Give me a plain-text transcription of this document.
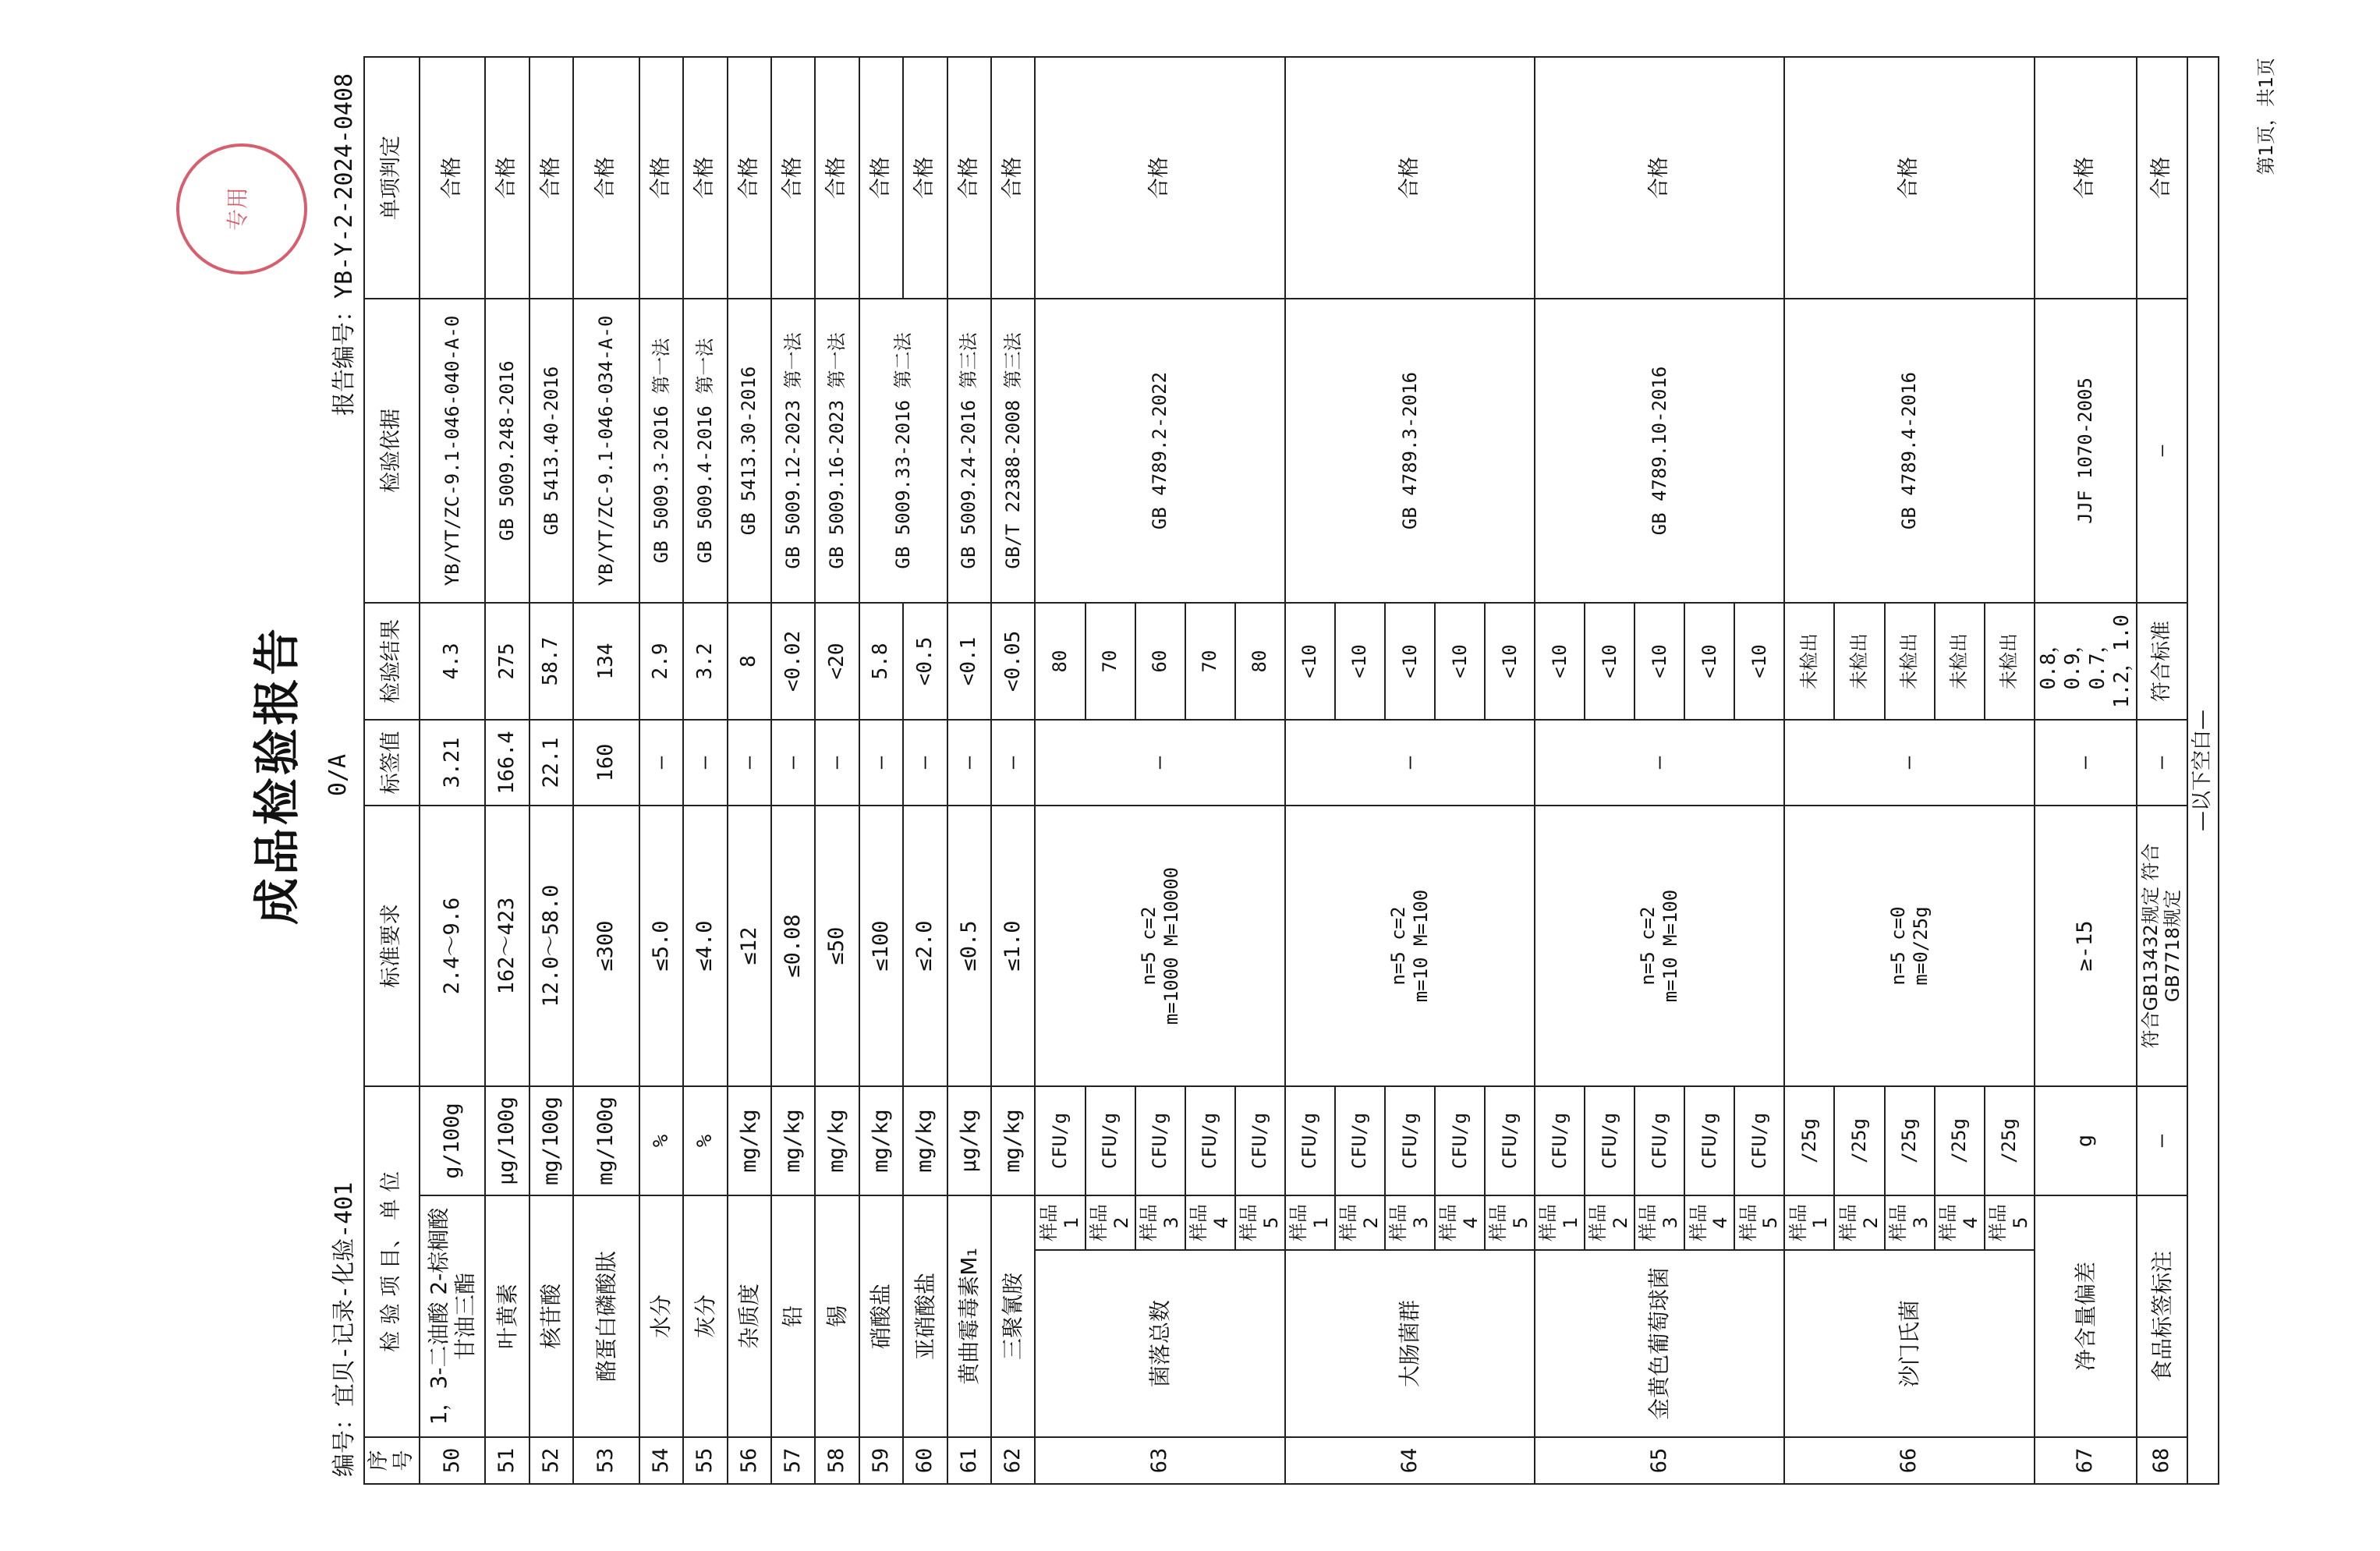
成品检验报告
专用
编号：宜贝-记录-化验-401
0/A
报告编号：YB-Y-2-2024-0408
序号	检 验 项 目、 单 位			标准要求	标签值	检验结果	检验依据	单项判定
50	1，3-二油酸 2-棕榈酸甘油三酯		g/100g	2.4～9.6	3.21	4.3	YB/YT/ZC-9.1-046-040-A-0	合格
51	叶黄素		μg/100g	162～423	166.4	275	GB 5009.248-2016	合格
52	核苷酸		mg/100g	12.0～58.0	22.1	58.7	GB 5413.40-2016	合格
53	酪蛋白磷酸肽		mg/100g	≤300	160	134	YB/YT/ZC-9.1-046-034-A-0	合格
54	水分		%	≤5.0	—	2.9	GB 5009.3-2016 第一法	合格
55	灰分		%	≤4.0	—	3.2	GB 5009.4-2016 第一法	合格
56	杂质度		mg/kg	≤12	—	8	GB 5413.30-2016	合格
57	铅		mg/kg	≤0.08	—	<0.02	GB 5009.12-2023 第一法	合格
58	锡		mg/kg	≤50	—	<20	GB 5009.16-2023 第一法	合格
59	硝酸盐		mg/kg	≤100	—	5.8	GB 5009.33-2016 第二法	合格
60	亚硝酸盐		mg/kg	≤2.0	—	<0.5		合格
61	黄曲霉毒素M₁		μg/kg	≤0.5	—	<0.1	GB 5009.24-2016 第三法	合格
62	三聚氰胺		mg/kg	≤1.0	—	<0.05	GB/T 22388-2008 第三法	合格
63	菌落总数	样品1	CFU/g	n=5 c=2 m=1000 M=10000	—	80	GB 4789.2-2022	合格
		样品2	CFU/g			70		
		样品3	CFU/g			60		
		样品4	CFU/g			70		
		样品5	CFU/g			80		
64	大肠菌群	样品1	CFU/g	n=5 c=2 m=10 M=100	—	<10	GB 4789.3-2016	合格
		样品2	CFU/g			<10		
		样品3	CFU/g			<10		
		样品4	CFU/g			<10		
		样品5	CFU/g			<10		
65	金黄色葡萄球菌	样品1	CFU/g	n=5 c=2 m=10 M=100	—	<10	GB 4789.10-2016	合格
		样品2	CFU/g			<10		
		样品3	CFU/g			<10		
		样品4	CFU/g			<10		
		样品5	CFU/g			<10		
66	沙门氏菌	样品1	/25g	n=5 c=0 m=0/25g	—	未检出	GB 4789.4-2016	合格
		样品2	/25g			未检出		
		样品3	/25g			未检出		
		样品4	/25g			未检出		
		样品5	/25g			未检出		
67	净含量偏差		g	≥-15	—	0.8，0.9，0.7，1.2，1.0	JJF 1070-2005	合格
68	食品标签标注		—	符合GB13432规定 符合GB7718规定	—	符合标准	—	合格
—以下空白—								
第1页，共1页
